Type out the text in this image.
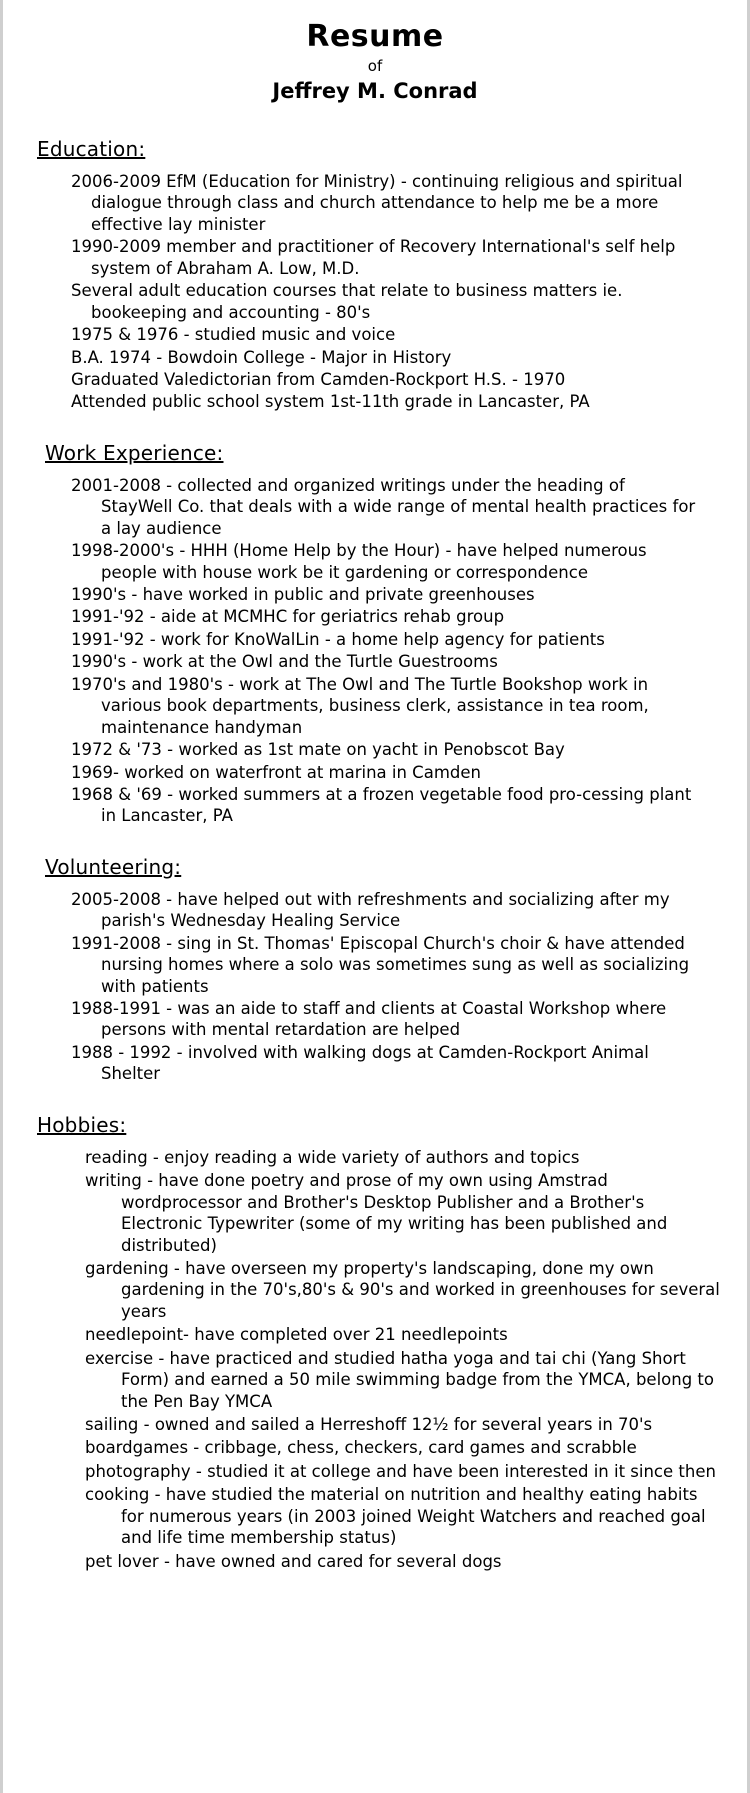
Resume
of
Jeffrey M. Conrad
Education:
2006-2009 EfM (Education for Ministry) - continuing religious and spiritual dialogue through class and church attendance to help me be a more effective lay minister
1990-2009 member and practitioner of Recovery International's self help system of Abraham A. Low, M.D.
Several adult education courses that relate to business matters ie. bookeeping and accounting - 80's
1975 & 1976 - studied music and voice
B.A. 1974 - Bowdoin College - Major in History
Graduated Valedictorian from Camden-Rockport H.S. - 1970
Attended public school system 1st-11th grade in Lancaster, PA
Work Experience:
2001-2008 - collected and organized writings under the heading of StayWell Co. that deals with a wide range of mental health practices for a lay audience
1998-2000's - HHH (Home Help by the Hour) - have helped numerous people with house work be it gardening or correspondence
1990's - have worked in public and private greenhouses
1991-'92 - aide at MCMHC for geriatrics rehab group
1991-'92 - work for KnoWalLin - a home help agency for patients
1990's - work at the Owl and the Turtle Guestrooms
1970's and 1980's - work at The Owl and The Turtle Bookshop work in various book departments, business clerk, assistance in tea room, maintenance handyman
1972 & '73 - worked as 1st mate on yacht in Penobscot Bay
1969- worked on waterfront at marina in Camden
1968 & '69 - worked summers at a frozen vegetable food pro-cessing plant in Lancaster, PA
Volunteering:
2005-2008 - have helped out with refreshments and socializing after my parish's Wednesday Healing Service
1991-2008 - sing in St. Thomas' Episcopal Church's choir & have attended nursing homes where a solo was sometimes sung as well as socializing with patients
1988-1991 - was an aide to staff and clients at Coastal Workshop where persons with mental retardation are helped
1988 - 1992 - involved with walking dogs at Camden-Rockport Animal Shelter
Hobbies:
reading - enjoy reading a wide variety of authors and topics
writing - have done poetry and prose of my own using Amstrad wordprocessor and Brother's Desktop Publisher and a Brother's Electronic Typewriter (some of my writing has been published and distributed)
gardening - have overseen my property's landscaping, done my own gardening in the 70's,80's & 90's and worked in greenhouses for several years
needlepoint- have completed over 21 needlepoints
exercise - have practiced and studied hatha yoga and tai chi (Yang Short Form) and earned a 50 mile swimming badge from the YMCA, belong to the Pen Bay YMCA
sailing - owned and sailed a Herreshoff 12½ for several years in 70's
boardgames - cribbage, chess, checkers, card games and scrabble
photography - studied it at college and have been interested in it since then
cooking - have studied the material on nutrition and healthy eating habits for numerous years (in 2003 joined Weight Watchers and reached goal and life time membership status)
pet lover - have owned and cared for several dogs
